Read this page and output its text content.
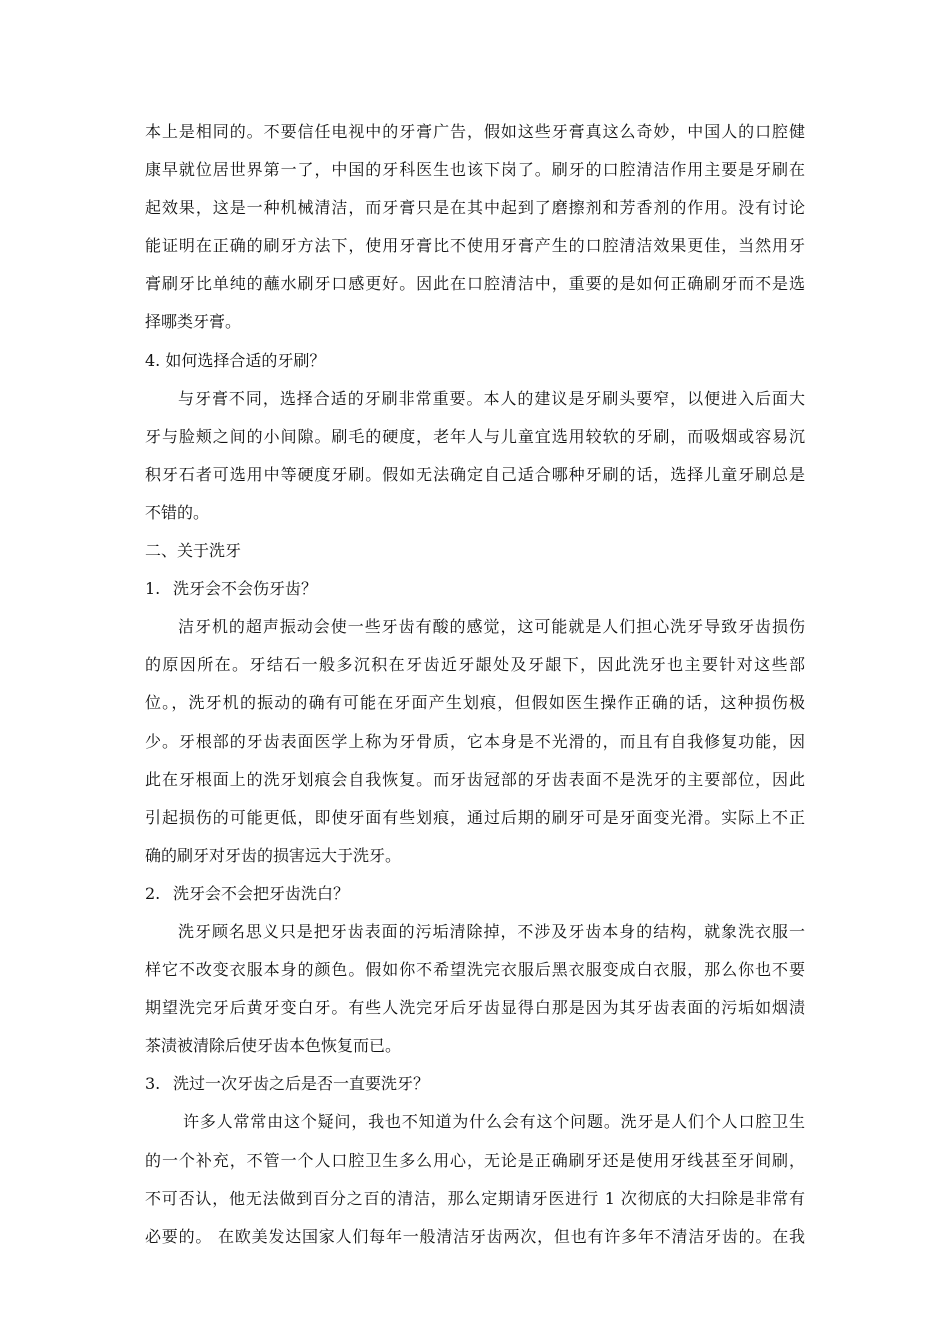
本上是相同的。不要信任电视中的牙膏广告，假如这些牙膏真这么奇妙，中国人的口腔健
康早就位居世界第一了，中国的牙科医生也该下岗了。刷牙的口腔清洁作用主要是牙刷在
起效果，这是一种机械清洁，而牙膏只是在其中起到了磨擦剂和芳香剂的作用。没有讨论
能证明在正确的刷牙方法下，使用牙膏比不使用牙膏产生的口腔清洁效果更佳，当然用牙
膏刷牙比单纯的蘸水刷牙口感更好。因此在口腔清洁中，重要的是如何正确刷牙而不是选
择哪类牙膏。
4. 如何选择合适的牙刷？
与牙膏不同，选择合适的牙刷非常重要。本人的建议是牙刷头要窄，以便进入后面大
牙与脸颊之间的小间隙。刷毛的硬度，老年人与儿童宜选用较软的牙刷，而吸烟或容易沉
积牙石者可选用中等硬度牙刷。假如无法确定自己适合哪种牙刷的话，选择儿童牙刷总是
不错的。
二、关于洗牙
1. 洗牙会不会伤牙齿？
洁牙机的超声振动会使一些牙齿有酸的感觉，这可能就是人们担心洗牙导致牙齿损伤
的原因所在。牙结石一般多沉积在牙齿近牙龈处及牙龈下，因此洗牙也主要针对这些部
位。，洗牙机的振动的确有可能在牙面产生划痕，但假如医生操作正确的话，这种损伤极
少。牙根部的牙齿表面医学上称为牙骨质，它本身是不光滑的，而且有自我修复功能，因
此在牙根面上的洗牙划痕会自我恢复。而牙齿冠部的牙齿表面不是洗牙的主要部位，因此
引起损伤的可能更低，即使牙面有些划痕，通过后期的刷牙可是牙面变光滑。实际上不正
确的刷牙对牙齿的损害远大于洗牙。
2. 洗牙会不会把牙齿洗白？
洗牙顾名思义只是把牙齿表面的污垢清除掉，不涉及牙齿本身的结构，就象洗衣服一
样它不改变衣服本身的颜色。假如你不希望洗完衣服后黑衣服变成白衣服，那么你也不要
期望洗完牙后黄牙变白牙。有些人洗完牙后牙齿显得白那是因为其牙齿表面的污垢如烟渍
茶渍被清除后使牙齿本色恢复而已。
3. 洗过一次牙齿之后是否一直要洗牙？
许多人常常由这个疑问，我也不知道为什么会有这个问题。洗牙是人们个人口腔卫生
的一个补充，不管一个人口腔卫生多么用心，无论是正确刷牙还是使用牙线甚至牙间刷，
不可否认，他无法做到百分之百的清洁，那么定期请牙医进行 1 次彻底的大扫除是非常有
必要的。 在欧美发达国家人们每年一般清洁牙齿两次，但也有许多年不清洁牙齿的。在我
